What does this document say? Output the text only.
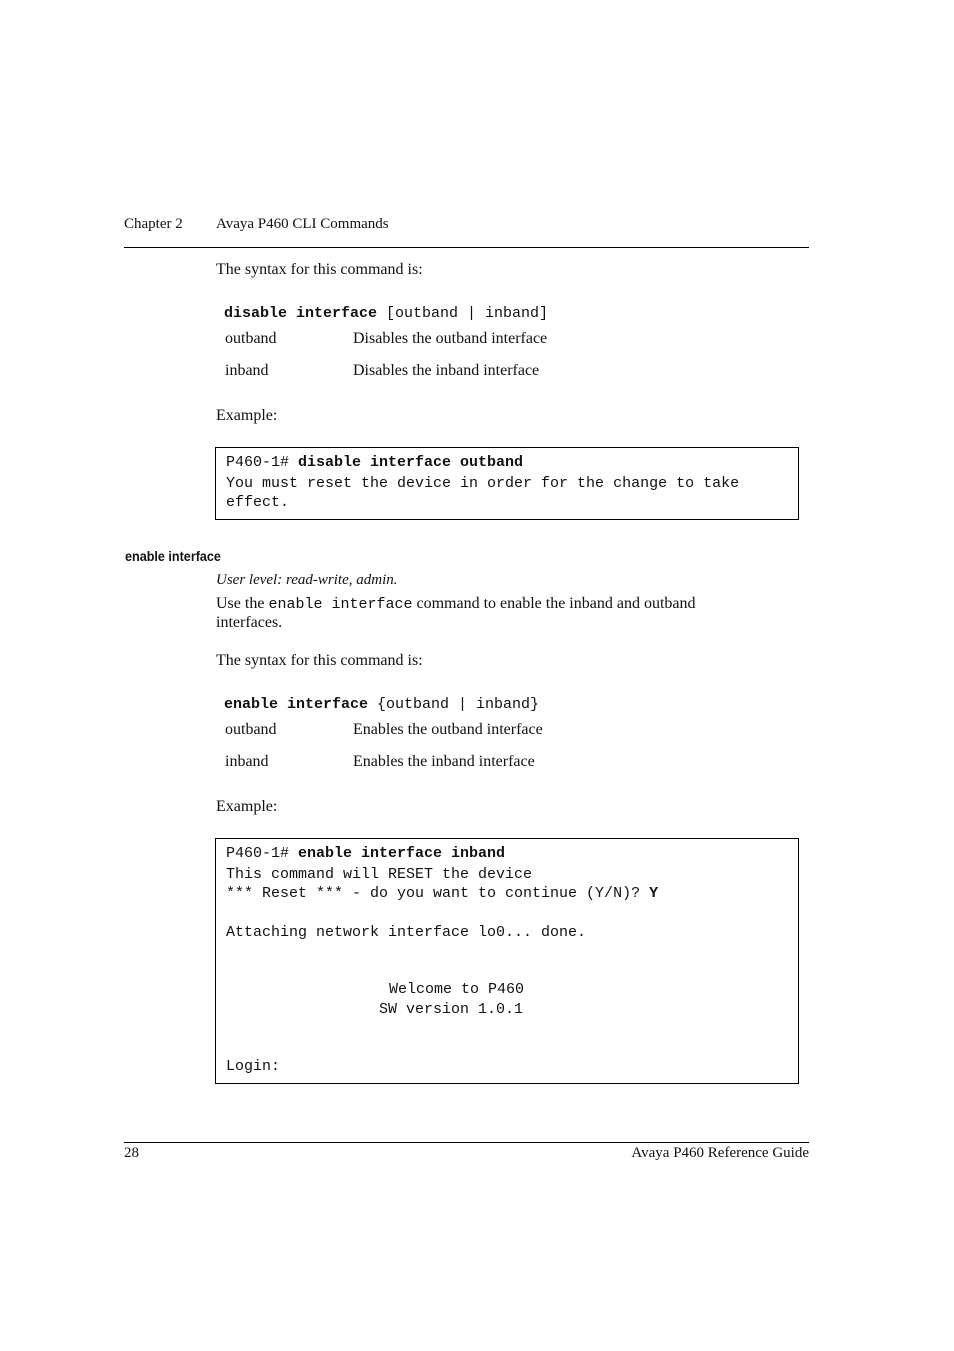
Chapter 2 Avaya P460 CLI Commands
The syntax for this command is:

disable interface [outband | inband]

outband	Disables the outband interface
inband	Disables the inband interface
Example:
P460-1# disable interface outband
You must reset the device in order for the change to take
effect.
enable interface
User level: read-write, admin.
Use the enable interface command to enable the inband and outband
interfaces.
The syntax for this command is:

enable interface {outband | inband}

outband	Enables the outband interface
inband	Enables the inband interface
Example:
P460-1# enable interface inband
This command will RESET the device
*** Reset *** - do you want to continue (Y/N)? Y
Attaching network interface lo0... done.
Welcome to P460
SW version 1.0.1
Login:
28	Avaya P460 Reference Guide
